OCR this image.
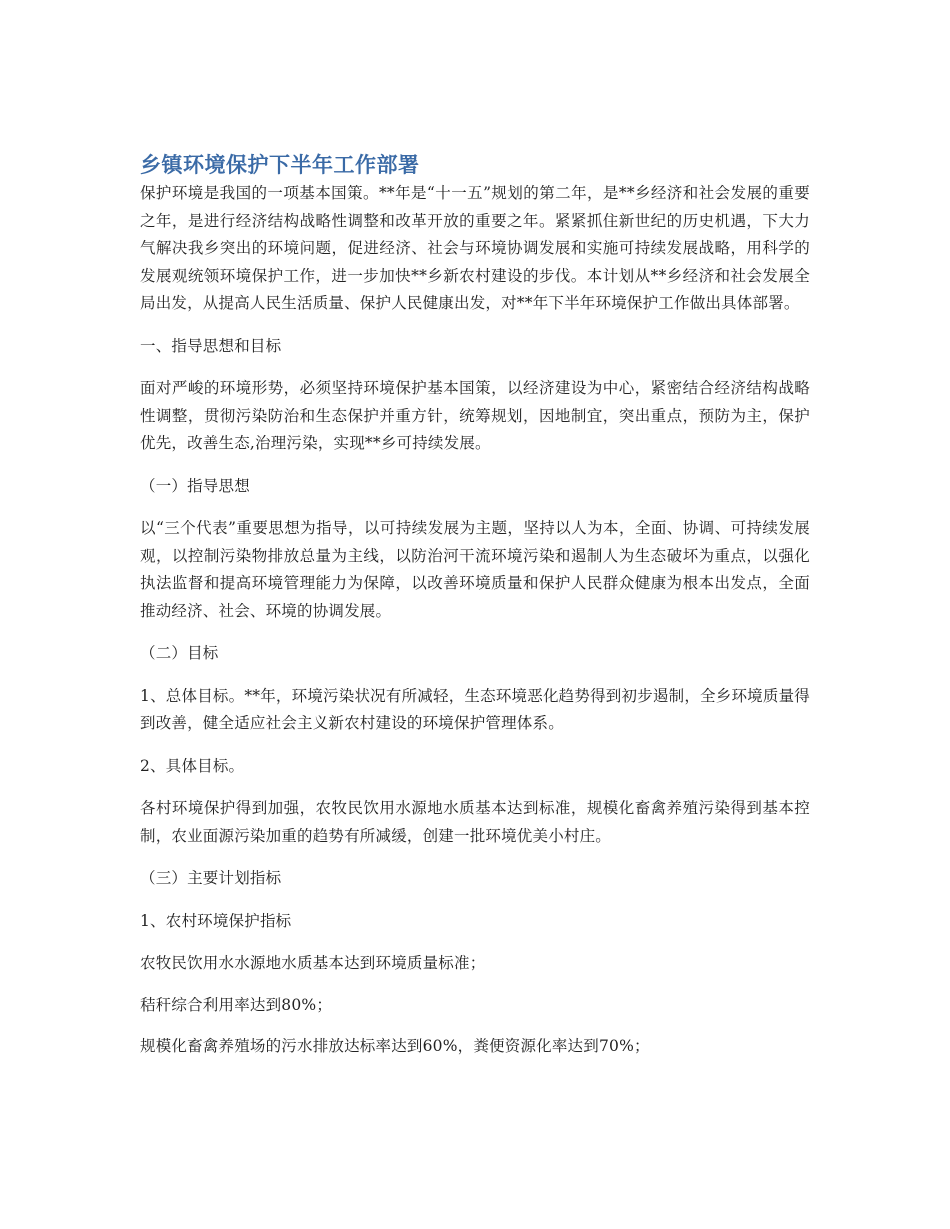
乡镇环境保护下半年工作部署

保护环境是我国的一项基本国策。**年是“十一五”规划的第二年，是**乡经济和社会发展的重要之年，是进行经济结构战略性调整和改革开放的重要之年。紧紧抓住新世纪的历史机遇，下大力气解决我乡突出的环境问题，促进经济、社会与环境协调发展和实施可持续发展战略，用科学的发展观统领环境保护工作，进一步加快**乡新农村建设的步伐。本计划从**乡经济和社会发展全局出发，从提高人民生活质量、保护人民健康出发，对**年下半年环境保护工作做出具体部署。

一、指导思想和目标

面对严峻的环境形势，必须坚持环境保护基本国策，以经济建设为中心，紧密结合经济结构战略性调整，贯彻污染防治和生态保护并重方针，统筹规划，因地制宜，突出重点，预防为主，保护优先，改善生态,治理污染，实现**乡可持续发展。

（一）指导思想

以“三个代表”重要思想为指导，以可持续发展为主题，坚持以人为本，全面、协调、可持续发展观，以控制污染物排放总量为主线，以防治河干流环境污染和遏制人为生态破坏为重点，以强化执法监督和提高环境管理能力为保障，以改善环境质量和保护人民群众健康为根本出发点，全面推动经济、社会、环境的协调发展。

（二）目标

1、总体目标。**年，环境污染状况有所减轻，生态环境恶化趋势得到初步遏制，全乡环境质量得到改善，健全适应社会主义新农村建设的环境保护管理体系。

2、具体目标。

各村环境保护得到加强，农牧民饮用水源地水质基本达到标准，规模化畜禽养殖污染得到基本控制，农业面源污染加重的趋势有所减缓，创建一批环境优美小村庄。

（三）主要计划指标

1、农村环境保护指标

农牧民饮用水水源地水质基本达到环境质量标准；

秸秆综合利用率达到80%；

规模化畜禽养殖场的污水排放达标率达到60%，粪便资源化率达到70%；
